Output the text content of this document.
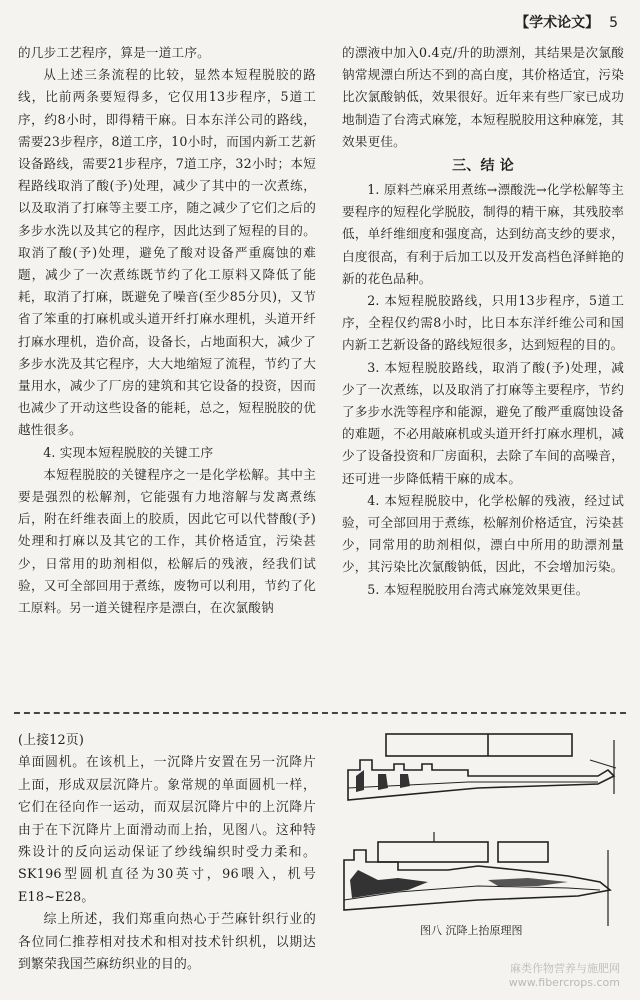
【学术论文】 5

的几步工艺程序，算是一道工序。

从上述三条流程的比较，显然本短程脱胶的路线，比前两条要短得多，它仅用13步程序，5道工序，约8小时，即得精干麻。日本东洋公司的路线，需要23步程序，8道工序，10小时，而国内新工艺新设备路线，需要21步程序，7道工序，32小时；本短程路线取消了酸(予)处理，减少了其中的一次煮练，以及取消了打麻等主要工序，随之减少了它们之后的多步水洗以及其它的程序，因此达到了短程的目的。取消了酸(予)处理，避免了酸对设备严重腐蚀的难题，减少了一次煮练既节约了化工原料又降低了能耗，取消了打麻，既避免了噪音(至少85分贝)，又节省了笨重的打麻机或头道开纤打麻水理机，头道开纤打麻水理机，造价高，设备长，占地面积大，减少了多步水洗及其它程序，大大地缩短了流程，节约了大量用水，减少了厂房的建筑和其它设备的投资，因而也减少了开动这些设备的能耗，总之，短程脱胶的优越性很多。

4. 实现本短程脱胶的关键工序

本短程脱胶的关键程序之一是化学松解。其中主要是强烈的松解剂，它能强有力地溶解与发离煮练后，附在纤维表面上的胶质，因此它可以代替酸(予)处理和打麻以及其它的工作，其价格适宜，污染甚少，日常用的助剂相似，松解后的残液，经我们试验，又可全部回用于煮练，废物可以利用，节约了化工原料。另一道关键程序是漂白，在次氯酸钠

的漂液中加入0.4克/升的助漂剂，其结果是次氯酸钠常规漂白所达不到的高白度，其价格适宜，污染比次氯酸钠低，效果很好。近年来有些厂家已成功地制造了台湾式麻笼，本短程脱胶用这种麻笼，其效果更佳。

三、结 论

1. 原料苎麻采用煮练→漂酸洗→化学松解等主要程序的短程化学脱胶，制得的精干麻，其残胶率低，单纤维细度和强度高，达到纺高支纱的要求，白度很高，有利于后加工以及开发高档色泽鲜艳的新的花色品种。

2. 本短程脱胶路线，只用13步程序，5道工序，全程仅约需8小时，比日本东洋纤维公司和国内新工艺新设备的路线短很多，达到短程的目的。

3. 本短程脱胶路线，取消了酸(予)处理，减少了一次煮练，以及取消了打麻等主要程序，节约了多步水洗等程序和能源，避免了酸严重腐蚀设备的难题，不必用敲麻机或头道开纤打麻水理机，减少了设备投资和厂房面积，去除了车间的高噪音，还可进一步降低精干麻的成本。

4. 本短程脱胶中，化学松解的残液，经过试验，可全部回用于煮练，松解剂价格适宜，污染甚少，同常用的助剂相似，漂白中所用的助漂剂量少，其污染比次氯酸钠低，因此，不会增加污染。

5. 本短程脱胶用台湾式麻笼效果更佳。

(上接12页)

单面圆机。在该机上，一沉降片安置在另一沉降片上面，形成双层沉降片。象常规的单面圆机一样，它们在径向作一运动，而双层沉降片中的上沉降片由于在下沉降片上面滑动而上抬，见图八。这种特殊设计的反向运动保证了纱线编织时受力柔和。SK196型圆机直径为30英寸，96喂入，机号E18~E28。

综上所述，我们郑重向热心于苎麻针织行业的各位同仁推荐相对技术和相对技术针织机，以期达到繁荣我国苎麻纺织业的目的。

图八 沉降上抬原理图
麻类作物营养与施肥网
www.fibercrops.com
